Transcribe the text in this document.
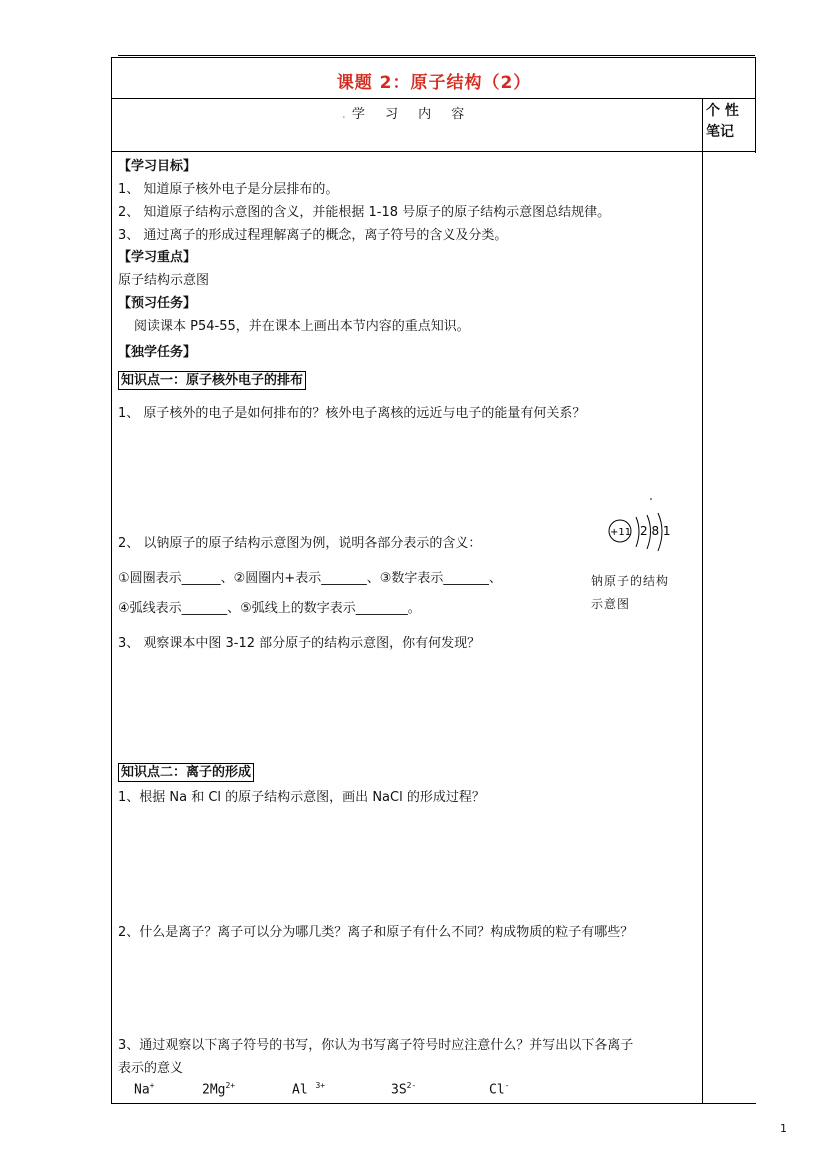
课题 2：原子结构（2）
. 学 习 内 容	个 性
笔记
【学习目标】
1、 知道原子核外电子是分层排布的。
2、 知道原子结构示意图的含义，并能根据 1-18 号原子的原子结构示意图总结规律。
3、 通过离子的形成过程理解离子的概念，离子符号的含义及分类。
【学习重点】
原子结构示意图
【预习任务】
阅读课本 P54-55，并在课本上画出本节内容的重点知识。
【独学任务】
知识点一：原子核外电子的排布
1、 原子核外的电子是如何排布的？核外电子离核的远近与电子的能量有何关系？
2、 以钠原子的原子结构示意图为例，说明各部分表示的含义：
①圆圈表示______、②圆圈内+表示_______、③数字表示_______、
④弧线表示_______、⑤弧线上的数字表示________。
3、 观察课本中图 3-12 部分原子的结构示意图，你有何发现？
+11 2 8 1
钠原子的结构
示意图
知识点二：离子的形成
1、根据 Na 和 Cl 的原子结构示意图，画出 NaCl 的形成过程？
2、什么是离子？离子可以分为哪几类？离子和原子有什么不同？构成物质的粒子有哪些？
3、通过观察以下离子符号的书写，你认为书写离子符号时应注意什么？并写出以下各离子
表示的意义
Na+	$2Mg^{2+}$	Al $^{3+}$	$3S^{2-}$	Cl-
1
